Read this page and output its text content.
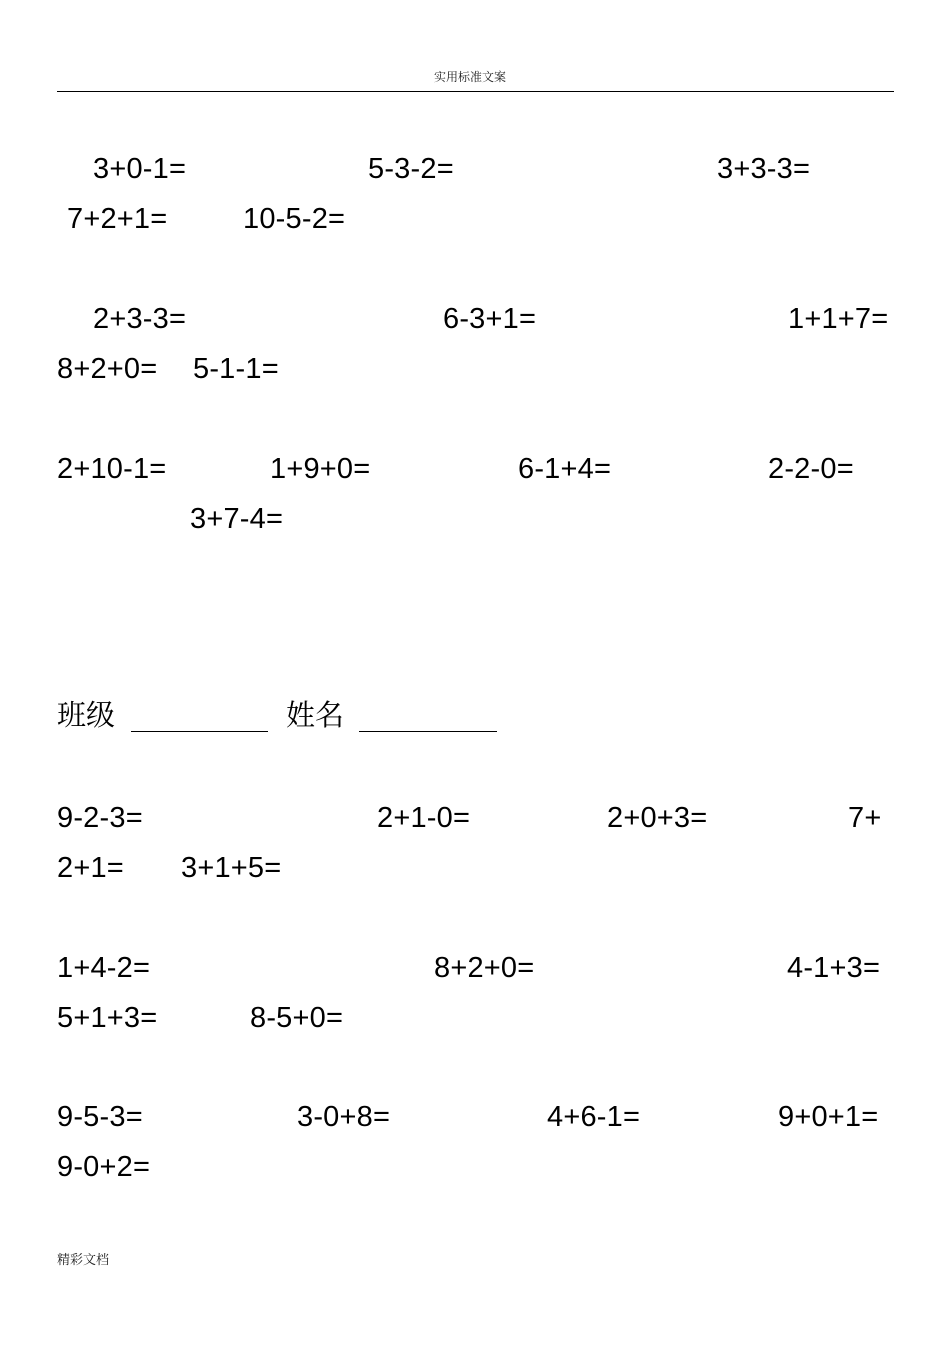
实用标准文案
3+0-1=	5-3-2=	3+3-3=
7+2+1=	10-5-2=
2+3-3=	6-3+1=	1+1+7=
8+2+0= 5-1-1=
2+10-1=	1+9+0=	6-1+4=	2-2-0=
3+7-4=
班级	姓名
9-2-3=	2+1-0=	2+0+3=	7+
2+1= 3+1+5=
1+4-2=	8+2+0=	4-1+3=
5+1+3=	8-5+0=
9-5-3=	3-0+8=	4+6-1=	9+0+1=
9-0+2=
精彩文档
